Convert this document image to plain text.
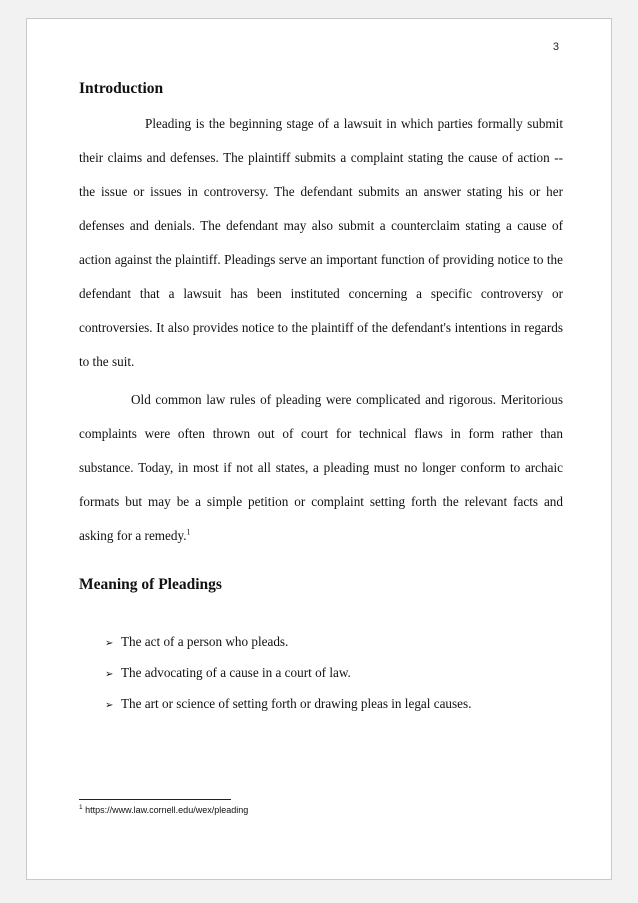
3
Introduction

Pleading is the beginning stage of a lawsuit in which parties formally submit their claims and defenses. The plaintiff submits a complaint stating the cause of action -- the issue or issues in controversy. The defendant submits an answer stating his or her defenses and denials. The defendant may also submit a counterclaim stating a cause of action against the plaintiff. Pleadings serve an important function of providing notice to the defendant that a lawsuit has been instituted concerning a specific controversy or controversies. It also provides notice to the plaintiff of the defendant's intentions in regards to the suit.

Old common law rules of pleading were complicated and rigorous. Meritorious complaints were often thrown out of court for technical flaws in form rather than substance. Today, in most if not all states, a pleading must no longer conform to archaic formats but may be a simple petition or complaint setting forth the relevant facts and asking for a remedy.$^1$

Meaning of Pleadings
➢ The act of a person who pleads.
➢ The advocating of a cause in a court of law.
➢ The art or science of setting forth or drawing pleas in legal causes.
$^1$ https://www.law.cornell.edu/wex/pleading
